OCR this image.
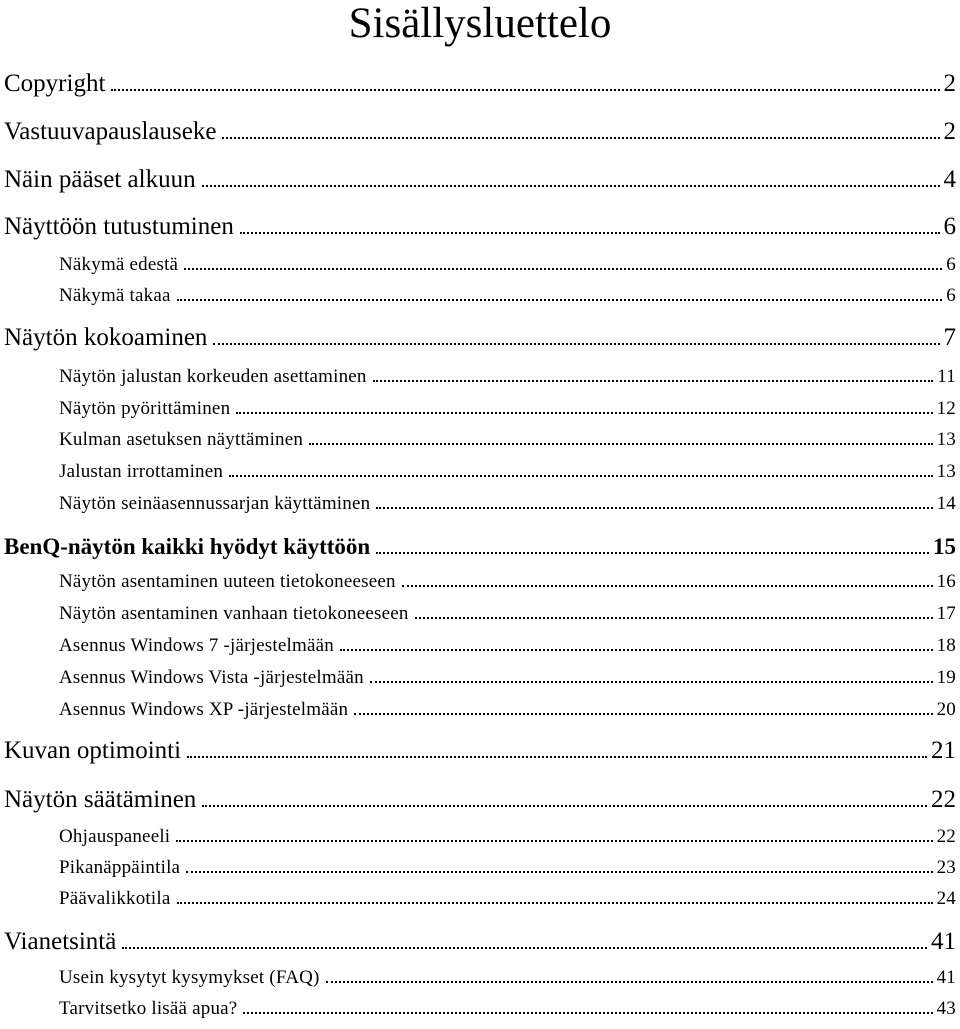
Sisällysluettelo
Copyright	2
Vastuuvapauslauseke	2
Näin pääset alkuun	4
Näyttöön tutustuminen	6
Näkymä edestä	6
Näkymä takaa	6
Näytön kokoaminen	7
Näytön jalustan korkeuden asettaminen	11
Näytön pyörittäminen	12
Kulman asetuksen näyttäminen	13
Jalustan irrottaminen	13
Näytön seinäasennussarjan käyttäminen	14
BenQ-näytön kaikki hyödyt käyttöön	15
Näytön asentaminen uuteen tietokoneeseen	16
Näytön asentaminen vanhaan tietokoneeseen	17
Asennus Windows 7 -järjestelmään	18
Asennus Windows Vista -järjestelmään	19
Asennus Windows XP -järjestelmään	20
Kuvan optimointi	21
Näytön säätäminen	22
Ohjauspaneeli	22
Pikanäppäintila	23
Päävalikkotila	24
Vianetsintä	41
Usein kysytyt kysymykset (FAQ)	41
Tarvitsetko lisää apua?	43
